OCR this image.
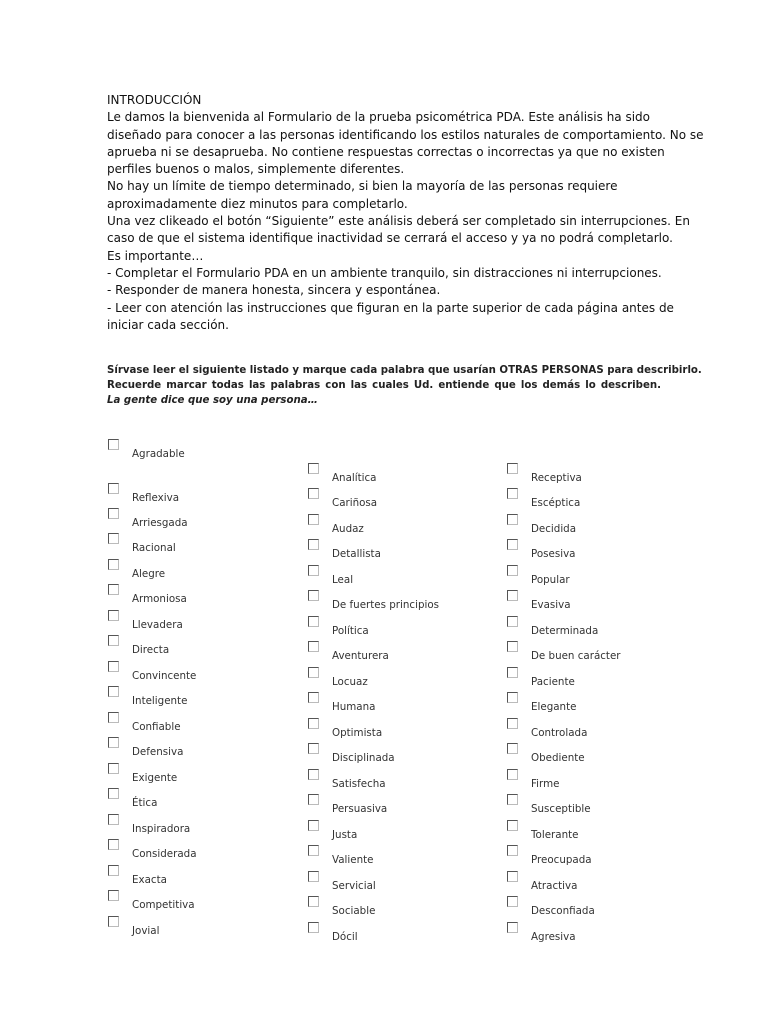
INTRODUCCIÓN
Le damos la bienvenida al Formulario de la prueba psicométrica PDA. Este análisis ha sido
diseñado para conocer a las personas identificando los estilos naturales de comportamiento. No se
aprueba ni se desaprueba. No contiene respuestas correctas o incorrectas ya que no existen
perfiles buenos o malos, simplemente diferentes.
No hay un límite de tiempo determinado, si bien la mayoría de las personas requiere
aproximadamente diez minutos para completarlo.
Una vez clikeado el botón “Siguiente” este análisis deberá ser completado sin interrupciones. En
caso de que el sistema identifique inactividad se cerrará el acceso y ya no podrá completarlo.
Es importante…
- Completar el Formulario PDA en un ambiente tranquilo, sin distracciones ni interrupciones.
- Responder de manera honesta, sincera y espontánea.
- Leer con atención las instrucciones que figuran en la parte superior de cada página antes de
iniciar cada sección.
Sírvase leer el siguiente listado y marque cada palabra que usarían OTRAS PERSONAS para describirlo.
Recuerde marcar todas las palabras con las cuales Ud. entiende que los demás lo describen.
La gente dice que soy una persona…
Agradable
Reflexiva
Arriesgada
Racional
Alegre
Armoniosa
Llevadera
Directa
Convincente
Inteligente
Confiable
Defensiva
Exigente
Ética
Inspiradora
Considerada
Exacta
Competitiva
Jovial
Analítica
Cariñosa
Audaz
Detallista
Leal
De fuertes principios
Política
Aventurera
Locuaz
Humana
Optimista
Disciplinada
Satisfecha
Persuasiva
Justa
Valiente
Servicial
Sociable
Dócil
Receptiva
Escéptica
Decidida
Posesiva
Popular
Evasiva
Determinada
De buen carácter
Paciente
Elegante
Controlada
Obediente
Firme
Susceptible
Tolerante
Preocupada
Atractiva
Desconfiada
Agresiva
